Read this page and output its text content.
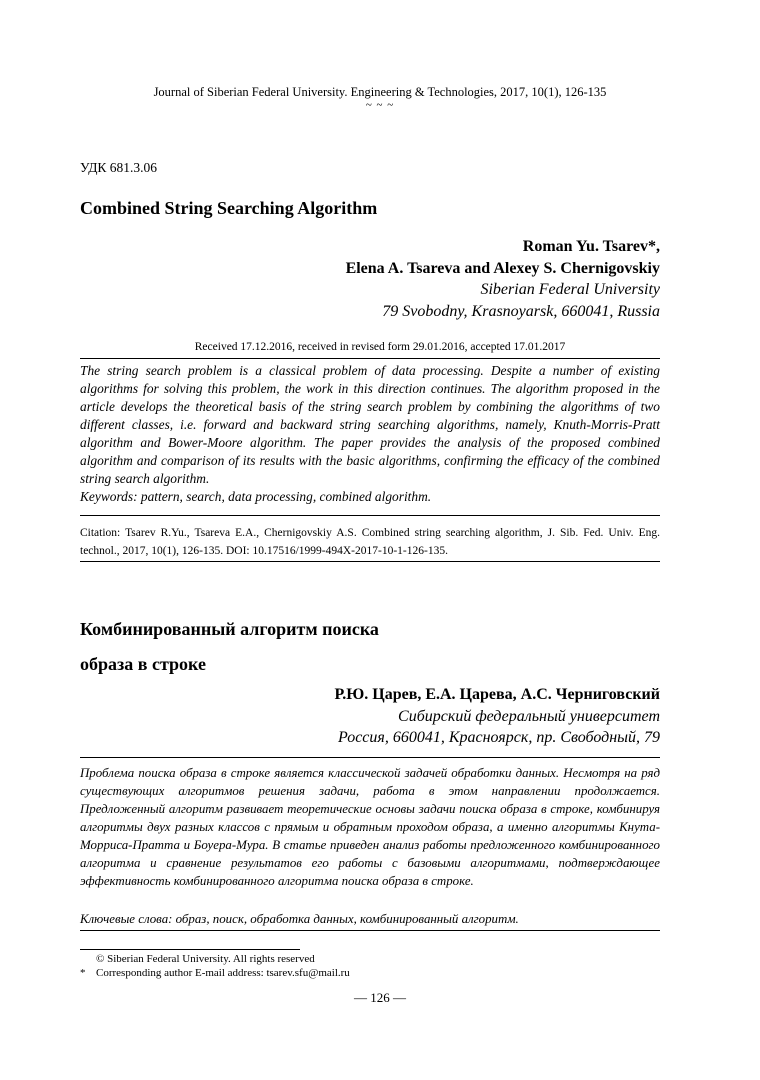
Journal of Siberian Federal University. Engineering & Technologies, 2017, 10(1), 126-135
~ ~ ~
УДК 681.3.06
Combined String Searching Algorithm
Roman Yu. Tsarev*,
Elena A. Tsareva and Alexey S. Chernigovskiy
Siberian Federal University
79 Svobodny, Krasnoyarsk, 660041, Russia
Received 17.12.2016, received in revised form 29.01.2016, accepted 17.01.2017
The string search problem is a classical problem of data processing. Despite a number of existing algorithms for solving this problem, the work in this direction continues. The algorithm proposed in the article develops the theoretical basis of the string search problem by combining the algorithms of two different classes, i.e. forward and backward string searching algorithms, namely, Knuth-Morris-Pratt algorithm and Bower-Moore algorithm. The paper provides the analysis of the proposed combined algorithm and comparison of its results with the basic algorithms, confirming the efficacy of the combined string search algorithm.
Keywords: pattern, search, data processing, combined algorithm.
Citation: Tsarev R.Yu., Tsareva E.A., Chernigovskiy A.S. Combined string searching algorithm, J. Sib. Fed. Univ. Eng. technol., 2017, 10(1), 126-135. DOI: 10.17516/1999-494X-2017-10-1-126-135.
Комбинированный алгоритм поиска
образа в строке
Р.Ю. Царев, Е.А. Царева, А.С. Черниговский
Сибирский федеральный университет
Россия, 660041, Красноярск, пр. Свободный, 79
Проблема поиска образа в строке является классической задачей обработки данных. Несмотря на ряд существующих алгоритмов решения задачи, работа в этом направлении продолжается. Предложенный алгоритм развивает теоретические основы задачи поиска образа в строке, комбинируя алгоритмы двух разных классов с прямым и обратным проходом образа, а именно алгоритмы Кнута-Морриса-Пратта и Боуера-Мура. В статье приведен анализ работы предложенного комбинированного алгоритма и сравнение результатов его работы с базовыми алгоритмами, подтверждающее эффективность комбинированного алгоритма поиска образа в строке.
Ключевые слова: образ, поиск, обработка данных, комбинированный алгоритм.
© Siberian Federal University. All rights reserved
* Corresponding author E-mail address: tsarev.sfu@mail.ru
— 126 —
